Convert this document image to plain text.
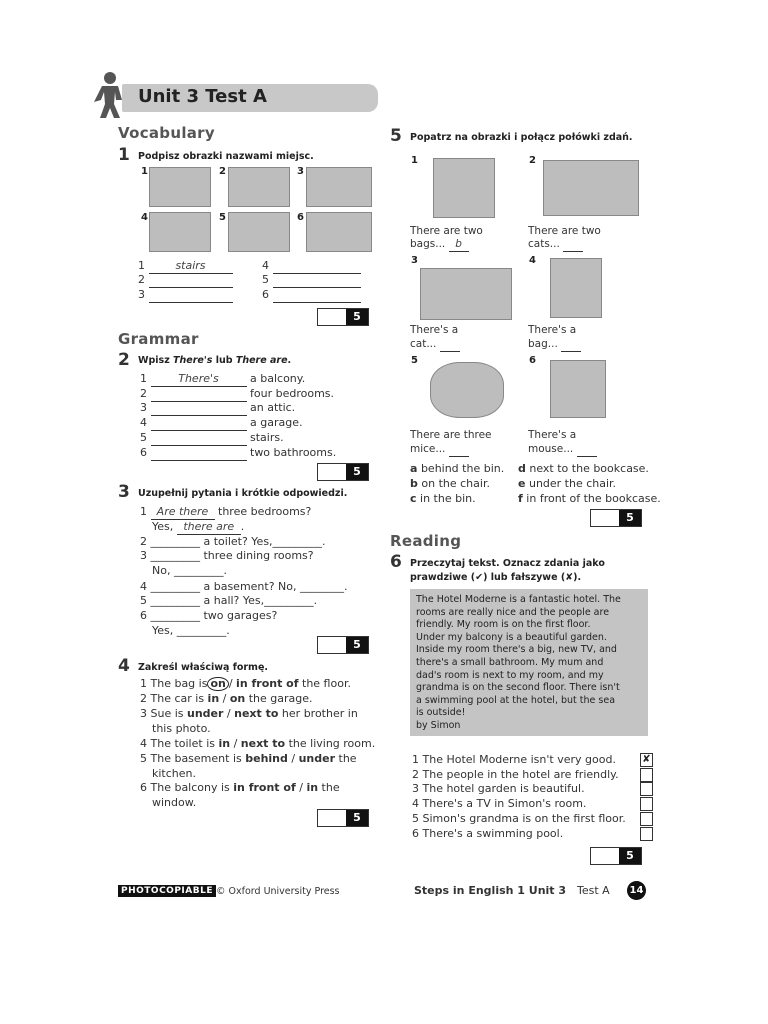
Unit 3 Test A
Vocabulary
1 Podpisz obrazki nazwami miejsc.
1	2	3
4	5	6
1	stairs
2
3
4
5
6
5
Grammar
2 Wpisz There's lub There are.
1	There's	a balcony.
2	four bedrooms.
3	an attic.
4	a garage.
5	stairs.
6	two bathrooms.
5
3 Uzupełnij pytania i krótkie odpowiedzi.
1 Are there three bedrooms?
Yes, there are .
2 _________ a toilet? Yes,_________.
3 _________ three dining rooms?
No, _________.
4 _________ a basement? No, ________.
5 _________ a hall? Yes,_________.
6 _________ two garages?
Yes, _________.
5
4 Zakreśl właściwą formę.
1 The bag is on / in front of the floor.
2 The car is in / on the garage.
3 Sue is under / next to her brother in
this photo.
4 The toilet is in / next to the living room.
5 The basement is behind / under the
kitchen.
6 The balcony is in front of / in the
window.
5
5 Popatrz na obrazki i połącz połówki zdań.
1
There are two
bags... b
2
There are two
cats...
3
There's a
cat...
4
There's a
bag...
5
There are three
mice...
6
There's a
mouse...
a behind the bin. d next to the bookcase.
b on the chair.	e under the chair.
c in the bin.	f in front of the bookcase.
5
Reading
6 Przeczytaj tekst. Oznacz zdania jako
prawdziwe (✔) lub fałszywe (✘).
The Hotel Moderne is a fantastic hotel. The
rooms are really nice and the people are
friendly. My room is on the first floor.
Under my balcony is a beautiful garden.
Inside my room there's a big, new TV, and
there's a small bathroom. My mum and
dad's room is next to my room, and my
grandma is on the second floor. There isn't
a swimming pool at the hotel, but the sea
is outside!
by Simon
1 The Hotel Moderne isn't very good.	✘
2 The people in the hotel are friendly.
3 The hotel garden is beautiful.
4 There's a TV in Simon's room.
5 Simon's grandma is on the first floor.
6 There's a swimming pool.
5
PHOTOCOPIABLE © Oxford University Press	Steps in English 1 Unit 3 Test A 14
